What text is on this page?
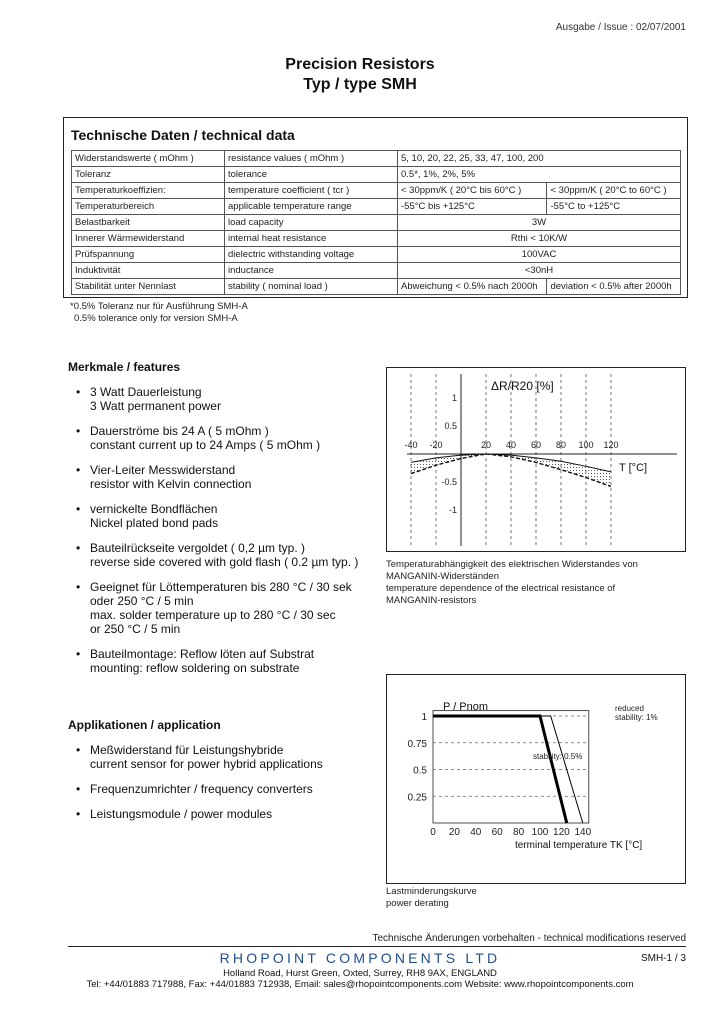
Ausgabe / Issue : 02/07/2001
Precision Resistors
Typ / type SMH
Technische Daten / technical data
Widerstandswerte ( mOhm )	resistance values ( mOhm )	5, 10, 20, 22, 25, 33, 47, 100, 200	
Toleranz	tolerance	0.5*, 1%, 2%, 5%	
Temperaturkoeffizien:	temperature coefficient ( tcr )	< 30ppm/K ( 20°C bis 60°C )	< 30ppm/K ( 20°C to 60°C )
Temperaturbereich	applicable temperature range	-55°C bis +125°C	-55°C to +125°C
Belastbarkeit	load capacity	3W	
Innerer Wärmewiderstand	internal heat resistance	Rthi < 10K/W	
Prüfspannung	dielectric withstanding voltage	100VAC	
Induktivität	inductance	<30nH	
Stabilität unter Nennlast	stability ( nominal load )	Abweichung < 0.5% nach 2000h	deviation < 0.5% after 2000h
*0.5% Toleranz nur für Ausführung SMH-A
0.5% tolerance only for version SMH-A
Merkmale / features
• 3 Watt Dauerleistung
3 Watt permanent power
• Dauerströme bis 24 A ( 5 mOhm )
constant current up to 24 Amps ( 5 mOhm )
• Vier-Leiter Messwiderstand
resistor with Kelvin connection
• vernickelte Bondflächen
Nickel plated bond pads
• Bauteilrückseite vergoldet ( 0,2 µm typ. )
reverse side covered with gold flash ( 0.2 µm typ. )
• Geeignet für Löttemperaturen bis 280 °C / 30 sek
oder 250 °C / 5 min
max. solder temperature up to 280 °C / 30 sec
or 250 °C / 5 min
• Bauteilmontage: Reflow löten auf Substrat
mounting: reflow soldering on substrate
Applikationen / application
• Meßwiderstand für Leistungshybride
current sensor for power hybrid applications
• Frequenzumrichter / frequency converters
• Leistungsmodule / power modules
-40 -20	20 40 60 80 100 120
1
0.5
-0.5
-1
ΔR/R20 [%]
T [°C]
Temperaturabhängigkeit des elektrischen Widerstandes von
MANGANIN-Widerständen
temperature dependence of the electrical resistance of
MANGANIN-resistors
0 20 40 60 80 100 120 140
1
0.75
0.5
0.25
P / Pnom
terminal temperature TK [°C]
stability: 0.5%
reduced
stability: 1%
Lastminderungskurve
power derating
Technische Änderungen vorbehalten - technical modifications reserved
RHOPOINT COMPONENTS LTD	SMH-1 / 3
Holland Road, Hurst Green, Oxted, Surrey, RH8 9AX, ENGLAND
Tel: +44/01883 717988, Fax: +44/01883 712938, Email: sales@rhopointcomponents.com Website: www.rhopointcomponents.com
